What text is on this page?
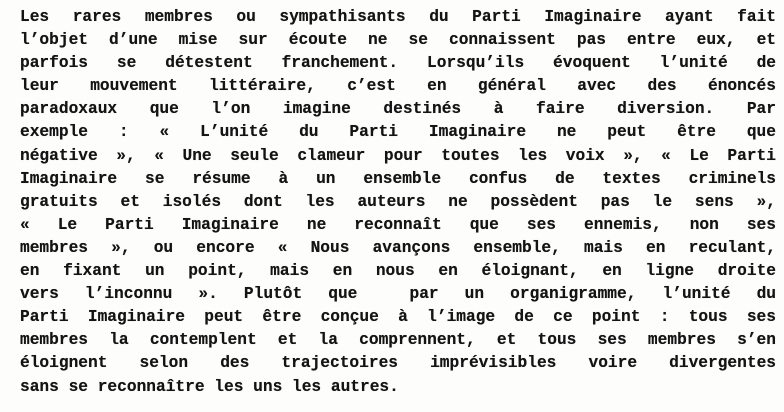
Les rares membres ou sympathisants du Parti Imaginaire ayant fait
l’objet d’une mise sur écoute ne se connaissent pas entre eux, et
parfois se détestent franchement. Lorsqu’ils évoquent l’unité de
leur mouvement littéraire, c’est en général avec des énoncés
paradoxaux que l’on imagine destinés à faire diversion. Par
exemple : « L’unité du Parti Imaginaire ne peut être que
négative », « Une seule clameur pour toutes les voix », « Le Parti
Imaginaire se résume à un ensemble confus de textes criminels
gratuits et isolés dont les auteurs ne possèdent pas le sens »,
« Le Parti Imaginaire ne reconnaît que ses ennemis, non ses
membres », ou encore « Nous avançons ensemble, mais en reculant,
en fixant un point, mais en nous en éloignant, en ligne droite
vers l’inconnu ». Plutôt que  par un organigramme, l’unité du
Parti Imaginaire peut être conçue à l’image de ce point : tous ses
membres la contemplent et la comprennent, et tous ses membres s’en
éloignent selon des trajectoires imprévisibles voire divergentes
sans se reconnaître les uns les autres.
